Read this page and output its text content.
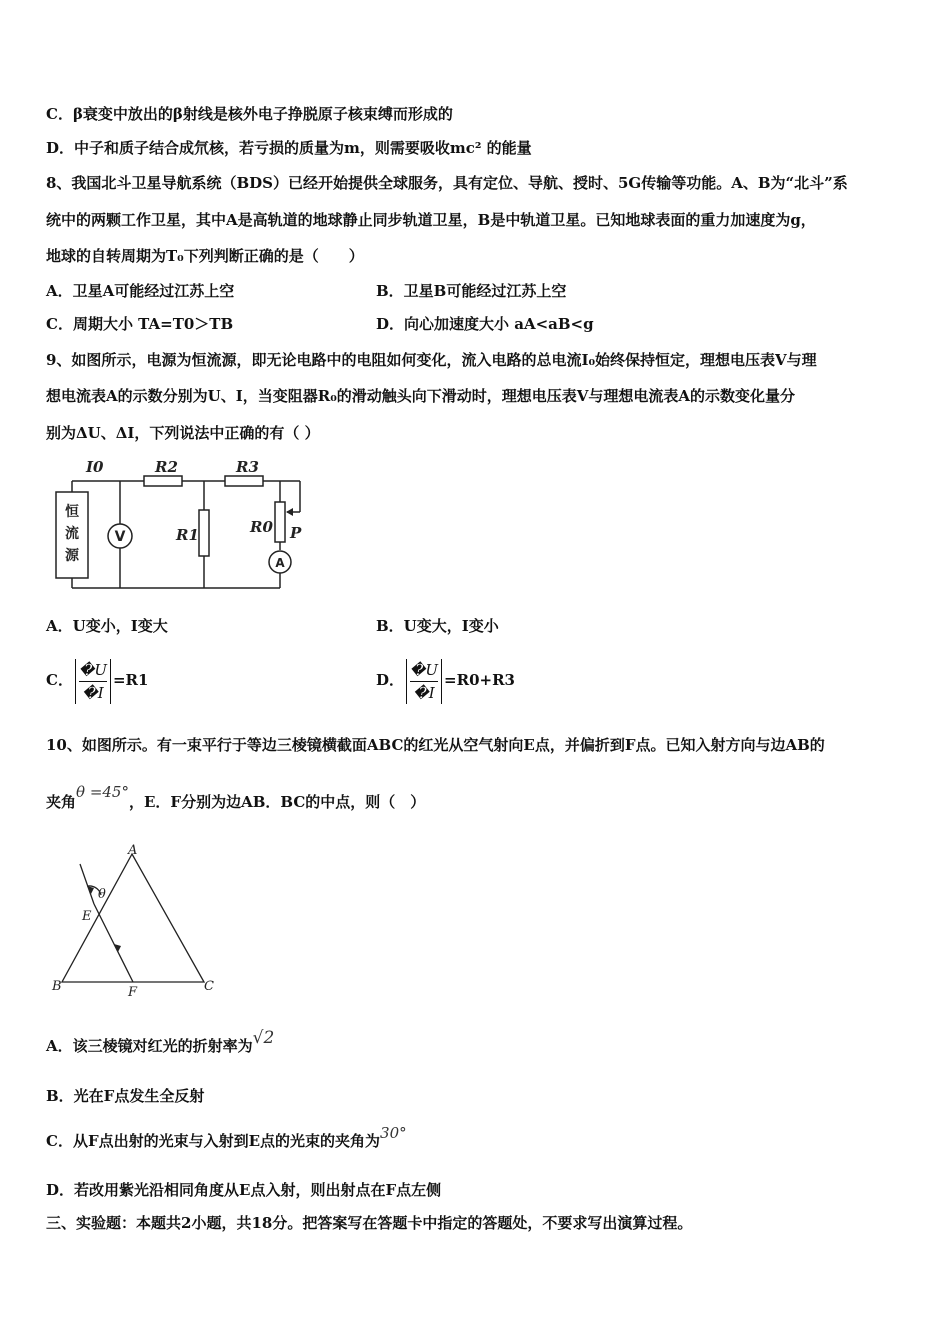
C．β衰变中放出的β射线是核外电子挣脱原子核束缚而形成的
D．中子和质子结合成氘核，若亏损的质量为m，则需要吸收mc² 的能量
8、我国北斗卫星导航系统（BDS）已经开始提供全球服务，具有定位、导航、授时、5G传输等功能。A、B为“北斗”系
统中的两颗工作卫星，其中A是高轨道的地球静止同步轨道卫星，B是中轨道卫星。已知地球表面的重力加速度为g，
地球的自转周期为T₀下列判断正确的是（　　）
A．卫星A可能经过江苏上空	B．卫星B可能经过江苏上空
C．周期大小 TA=T0＞TB	D．向心加速度大小 aA<aB<g
9、如图所示，电源为恒流源，即无论电路中的电阻如何变化，流入电路的总电流I₀始终保持恒定，理想电压表V与理
想电流表A的示数分别为U、I，当变阻器R₀的滑动触头向下滑动时，理想电压表V与理想电流表A的示数变化量分
别为ΔU、ΔI，下列说法中正确的有（ ）
I0	R2	R3
R1	R0 P
V
A
恒
流
源
A．U变小，I变大	B．U变大，I变小
C． $\frac{�U}{�I} =R1$	D． $\frac{�U}{�I} =R0+R3$
10、如图所示。有一束平行于等边三棱镜横截面ABC的红光从空气射向E点，并偏折到F点。已知入射方向与边AB的
夹角θ =45°，E．F分别为边AB．BC的中点，则（　）
A
B	C
E
F
θ
A．该三棱镜对红光的折射率为√2
B．光在F点发生全反射
C．从F点出射的光束与入射到E点的光束的夹角为30°
D．若改用紫光沿相同角度从E点入射，则出射点在F点左侧
三、实验题：本题共2小题，共18分。把答案写在答题卡中指定的答题处，不要求写出演算过程。
